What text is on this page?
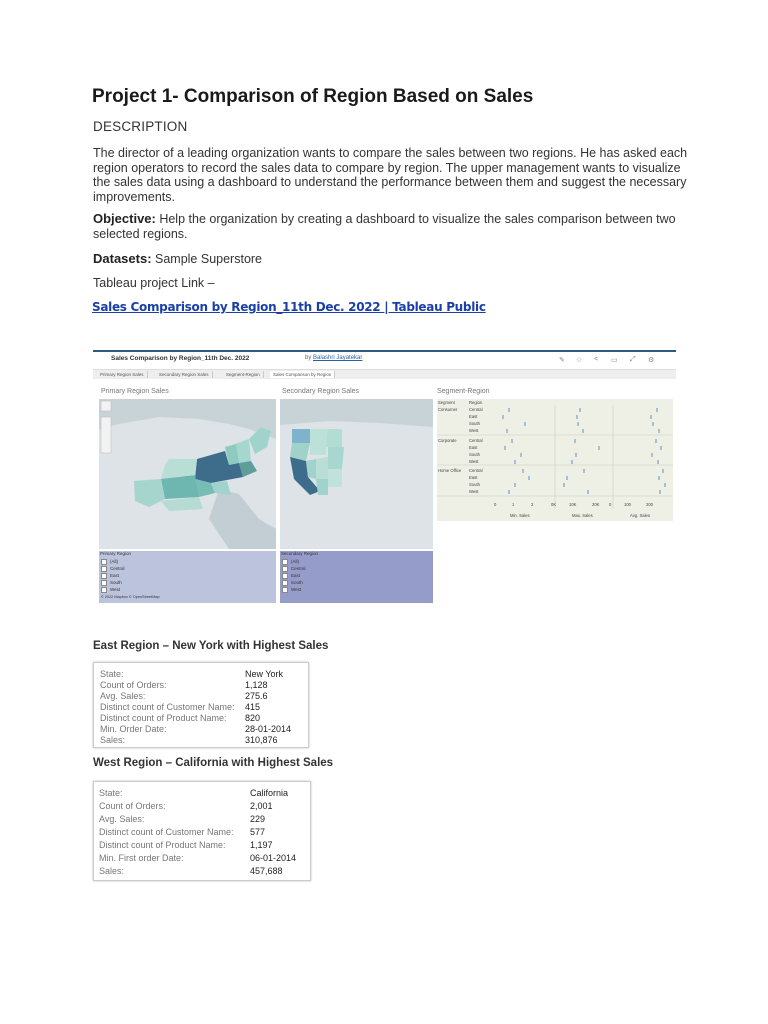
Project 1- Comparison of Region Based on Sales
DESCRIPTION
The director of a leading organization wants to compare the sales between two regions. He has asked each region operators to record the sales data to compare by region. The upper management wants to visualize the sales data using a dashboard to understand the performance between them and suggest the necessary improvements.
Objective: Help the organization by creating a dashboard to visualize the sales comparison between two selected regions.
Datasets: Sample Superstore
Tableau project Link –
Sales Comparison by Region_11th Dec. 2022 | Tableau Public
Sales Comparison by Region_11th Dec. 2022	by Balashri Jayatekar	✎ ☆ < ▭ ⤢ ⚙
Primary Region Sales	Secondary Region Sales	Segment-Region	Sales Comparison by Region
Primary Region Sales	Secondary Region Sales	Segment-Region
Primary Region
(All)
Central
East
South
West
© 2022 Mapbox © OpenStreetMap
Secondary Region
(All)
Central
East
South
West
Segment	Region
Consumer
Corporate
Home Office
Central
East
South
West
Central
East
South
West
Central
East
South
West
0	1	2	0K	10K	20K 0	100	200
Min. Sales	Max. Sales	Avg. Sales
East Region – New York with Highest Sales
State:	New York
Count of Orders:	1,128
Avg. Sales:	275.6
Distinct count of Customer Name: 415
Distinct count of Product Name: 820
Min. Order Date:	28-01-2014
Sales:	310,876
West Region – California with Highest Sales
State:	California
Count of Orders:	2,001
Avg. Sales:	229
Distinct count of Customer Name: 577
Distinct count of Product Name:	1,197
Min. First order Date:	06-01-2014
Sales:	457,688
